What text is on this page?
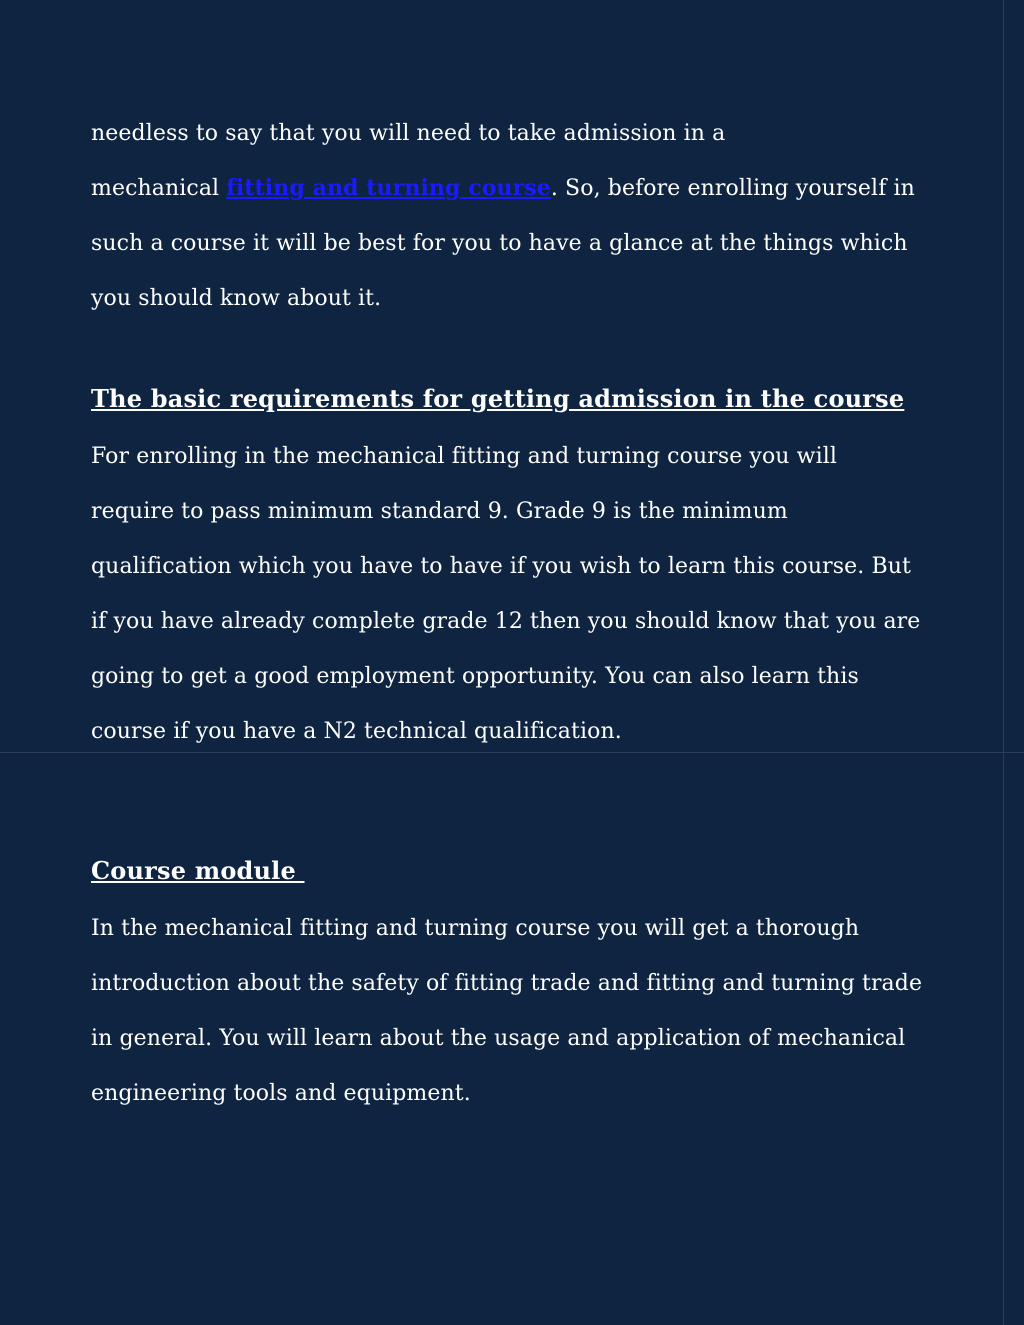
needless to say that you will need to take admission in a

mechanical fitting and turning course. So, before enrolling yourself in

such a course it will be best for you to have a glance at the things which
you should know about it.

The basic requirements for getting admission in the course

For enrolling in the mechanical fitting and turning course you will
require to pass minimum standard 9. Grade 9 is the minimum
qualification which you have to have if you wish to learn this course. But
if you have already complete grade 12 then you should know that you are
going to get a good employment opportunity. You can also learn this
course if you have a N2 technical qualification.

Course module

In the mechanical fitting and turning course you will get a thorough
introduction about the safety of fitting trade and fitting and turning trade
in general. You will learn about the usage and application of mechanical
engineering tools and equipment.
